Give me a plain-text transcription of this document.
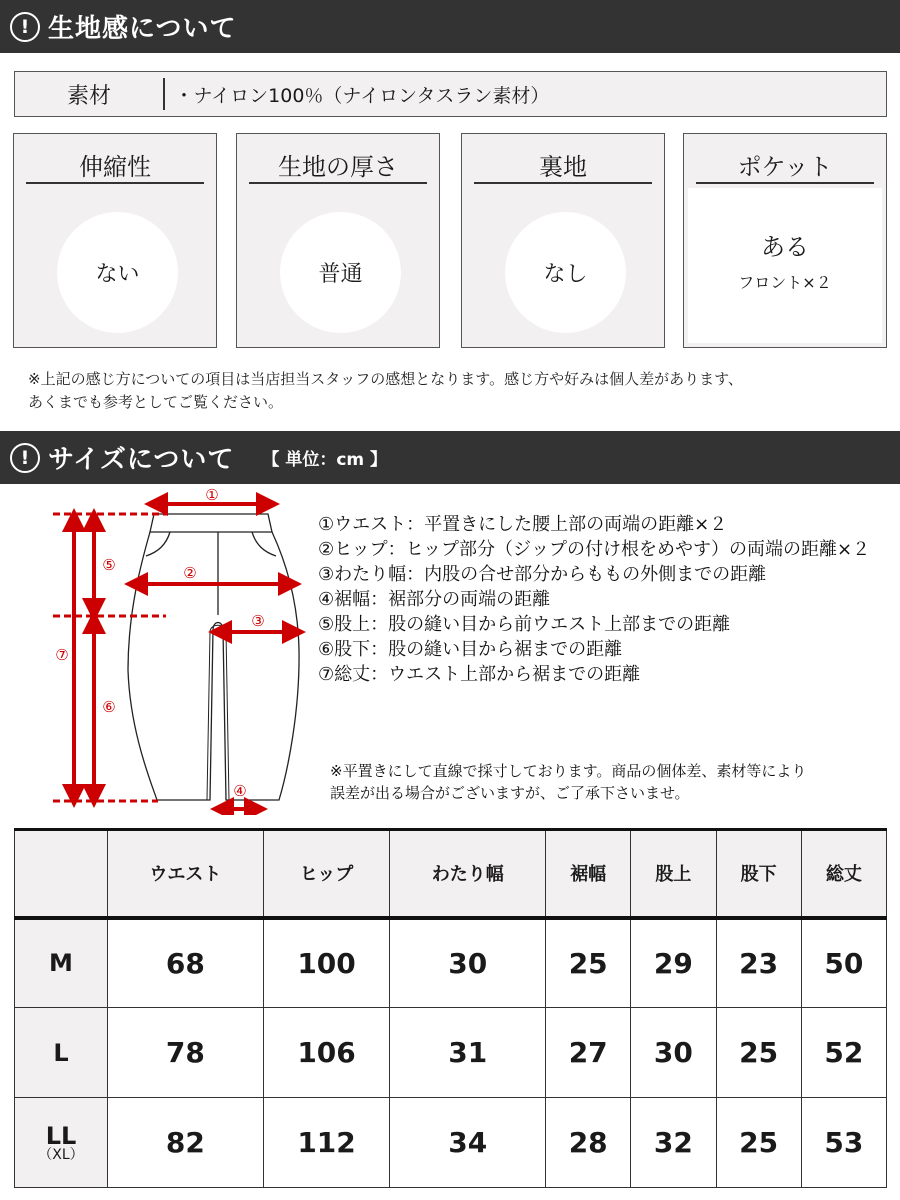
! 生地感について
素材	・ナイロン100％（ナイロンタスラン素材）
伸縮性
ない
生地の厚さ
普通
裏地
なし
ポケット
ある
フロント×２
※上記の感じ方についての項目は当店担当スタッフの感想となります。感じ方や好みは個人差があります、
あくまでも参考としてご覧ください。
! サイズについて 【 単位：cm 】
①
②
③
④
⑤
⑥
⑦
①ウエスト：平置きにした腰上部の両端の距離×２
②ヒップ：ヒップ部分（ジップの付け根をめやす）の両端の距離×２
③わたり幅：内股の合せ部分からももの外側までの距離
④裾幅：裾部分の両端の距離
⑤股上：股の縫い目から前ウエスト上部までの距離
⑥股下：股の縫い目から裾までの距離
⑦総丈：ウエスト上部から裾までの距離
※平置きにして直線で採寸しております。商品の個体差、素材等により
誤差が出る場合がございますが、ご了承下さいませ。
	ウエスト	ヒップ	わたり幅	裾幅	股上	股下	総丈

M	68	100	30	25	29	23	50

L	78	106	31	27	30	25	52

LL
（XL）	82	112	34	28	32	25	53
